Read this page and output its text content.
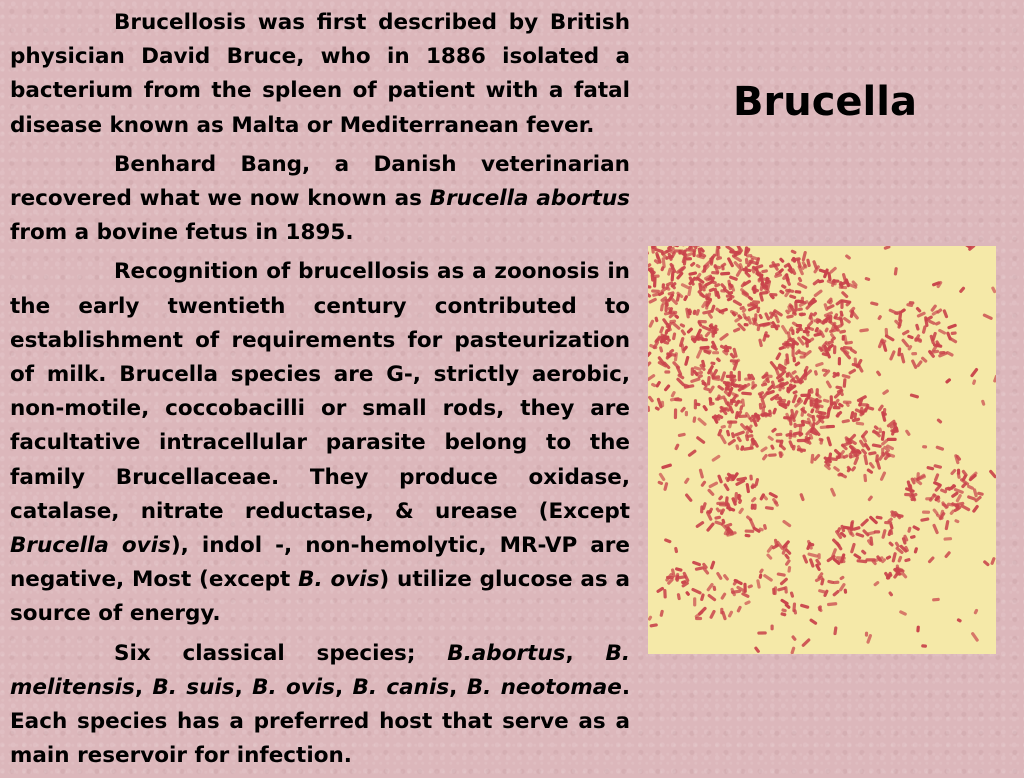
Brucellosis was first described by British physician David Bruce, who in 1886 isolated a bacterium from the spleen of patient with a fatal disease known as Malta or Mediterranean fever.

Benhard Bang, a Danish veterinarian recovered what we now known as Brucella abortus from a bovine fetus in 1895.

Recognition of brucellosis as a zoonosis in the early twentieth century contributed to establishment of requirements for pasteurization of milk. Brucella species are G-, strictly aerobic, non-motile, coccobacilli or small rods, they are facultative intracellular parasite belong to the family Brucellaceae. They produce oxidase, catalase, nitrate reductase, & urease (Except Brucella ovis), indol -, non-hemolytic, MR-VP are negative, Most (except B. ovis) utilize glucose as a source of energy.

Six classical species; B.abortus, B. melitensis, B. suis, B. ovis, B. canis, B. neotomae. Each species has a preferred host that serve as a main reservoir for infection.

Brucella
